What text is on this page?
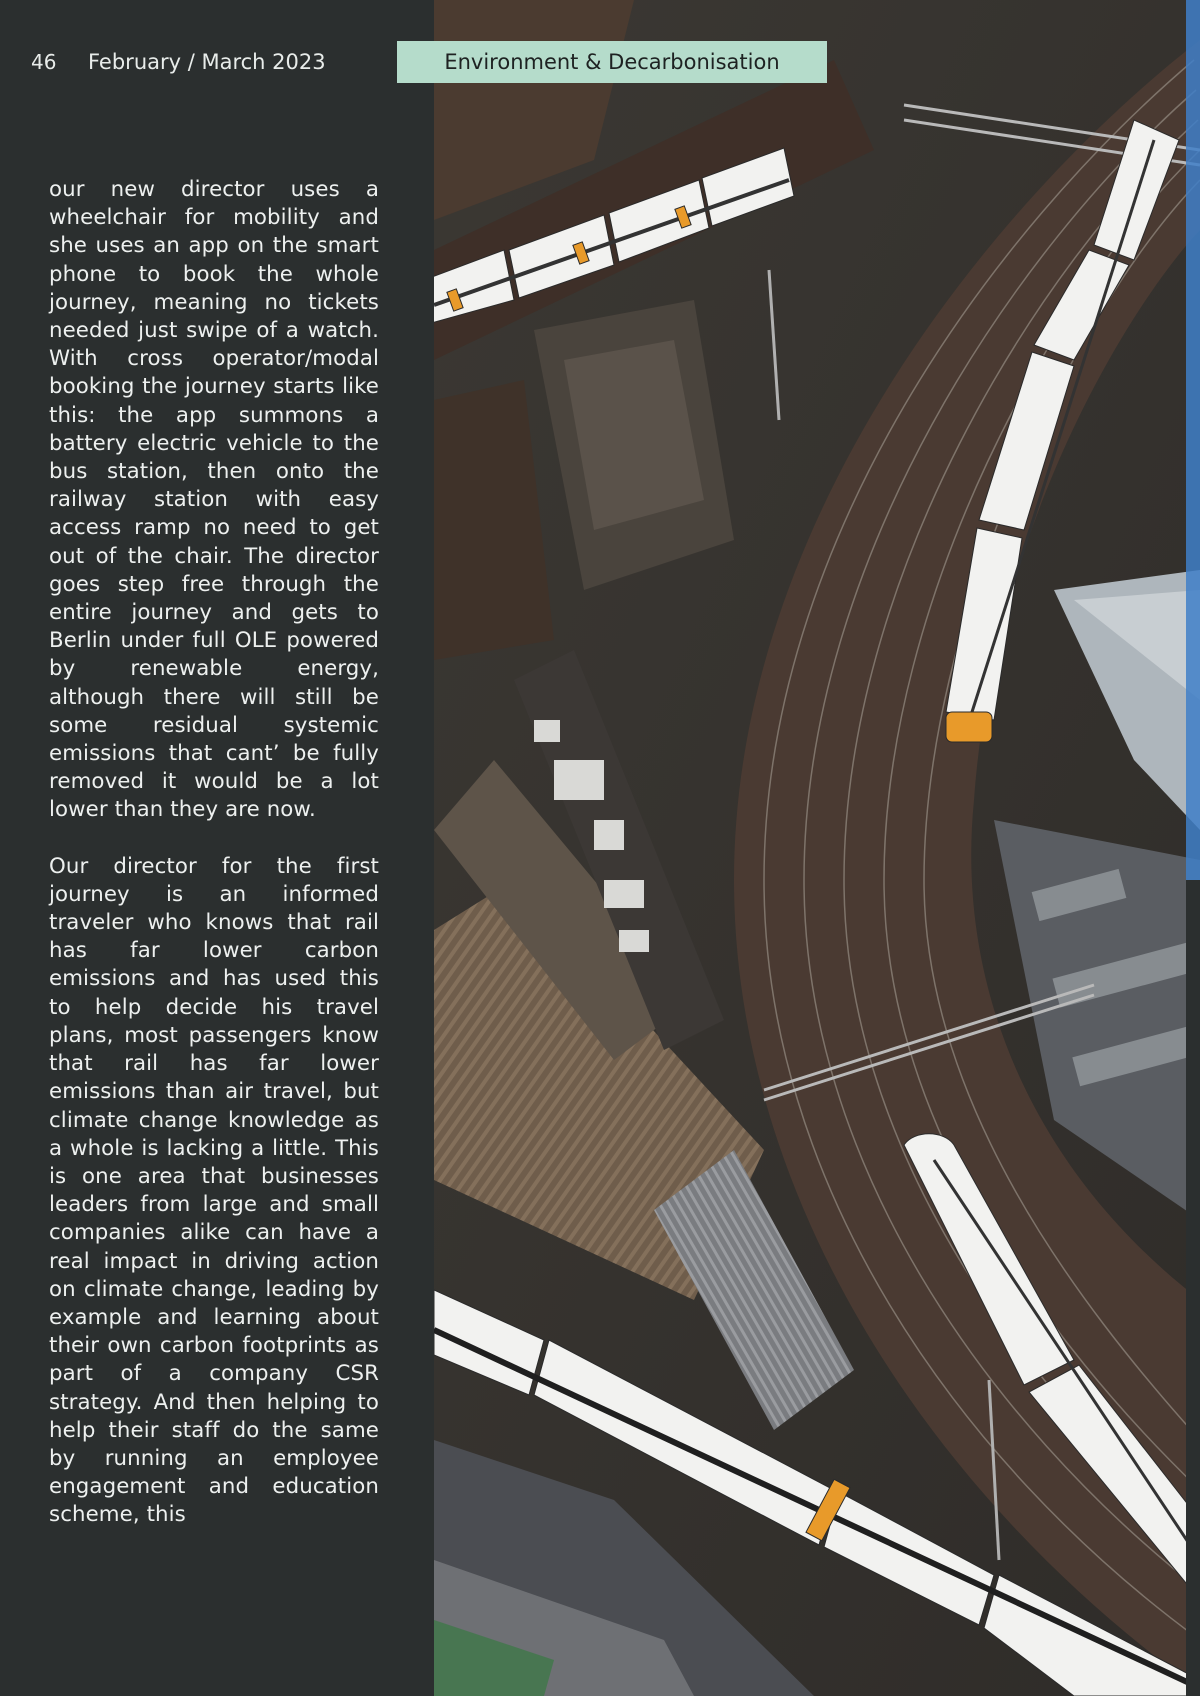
46 February / March 2023

our new director uses a wheelchair for mobility and she uses an app on the smart phone to book the whole journey, meaning no tickets needed just swipe of a watch. With cross operator/modal booking the journey starts like this: the app summons a battery electric vehicle to the bus station, then onto the railway station with easy access ramp no need to get out of the chair. The director goes step free through the entire journey and gets to Berlin under full OLE powered by renewable energy, although there will still be some residual systemic emissions that cant’ be fully removed it would be a lot lower than they are now.

Our director for the first journey is an informed traveler who knows that rail has far lower carbon emissions and has used this to help decide his travel plans, most passengers know that rail has far lower emissions than air travel, but climate change knowledge as a whole is lacking a little. This is one area that businesses leaders from large and small companies alike can have a real impact in driving action on climate change, leading by example and learning about their own carbon footprints as part of a company CSR strategy. And then helping to help their staff do the same by running an employee engagement and education scheme, this

Environment & Decarbonisation
